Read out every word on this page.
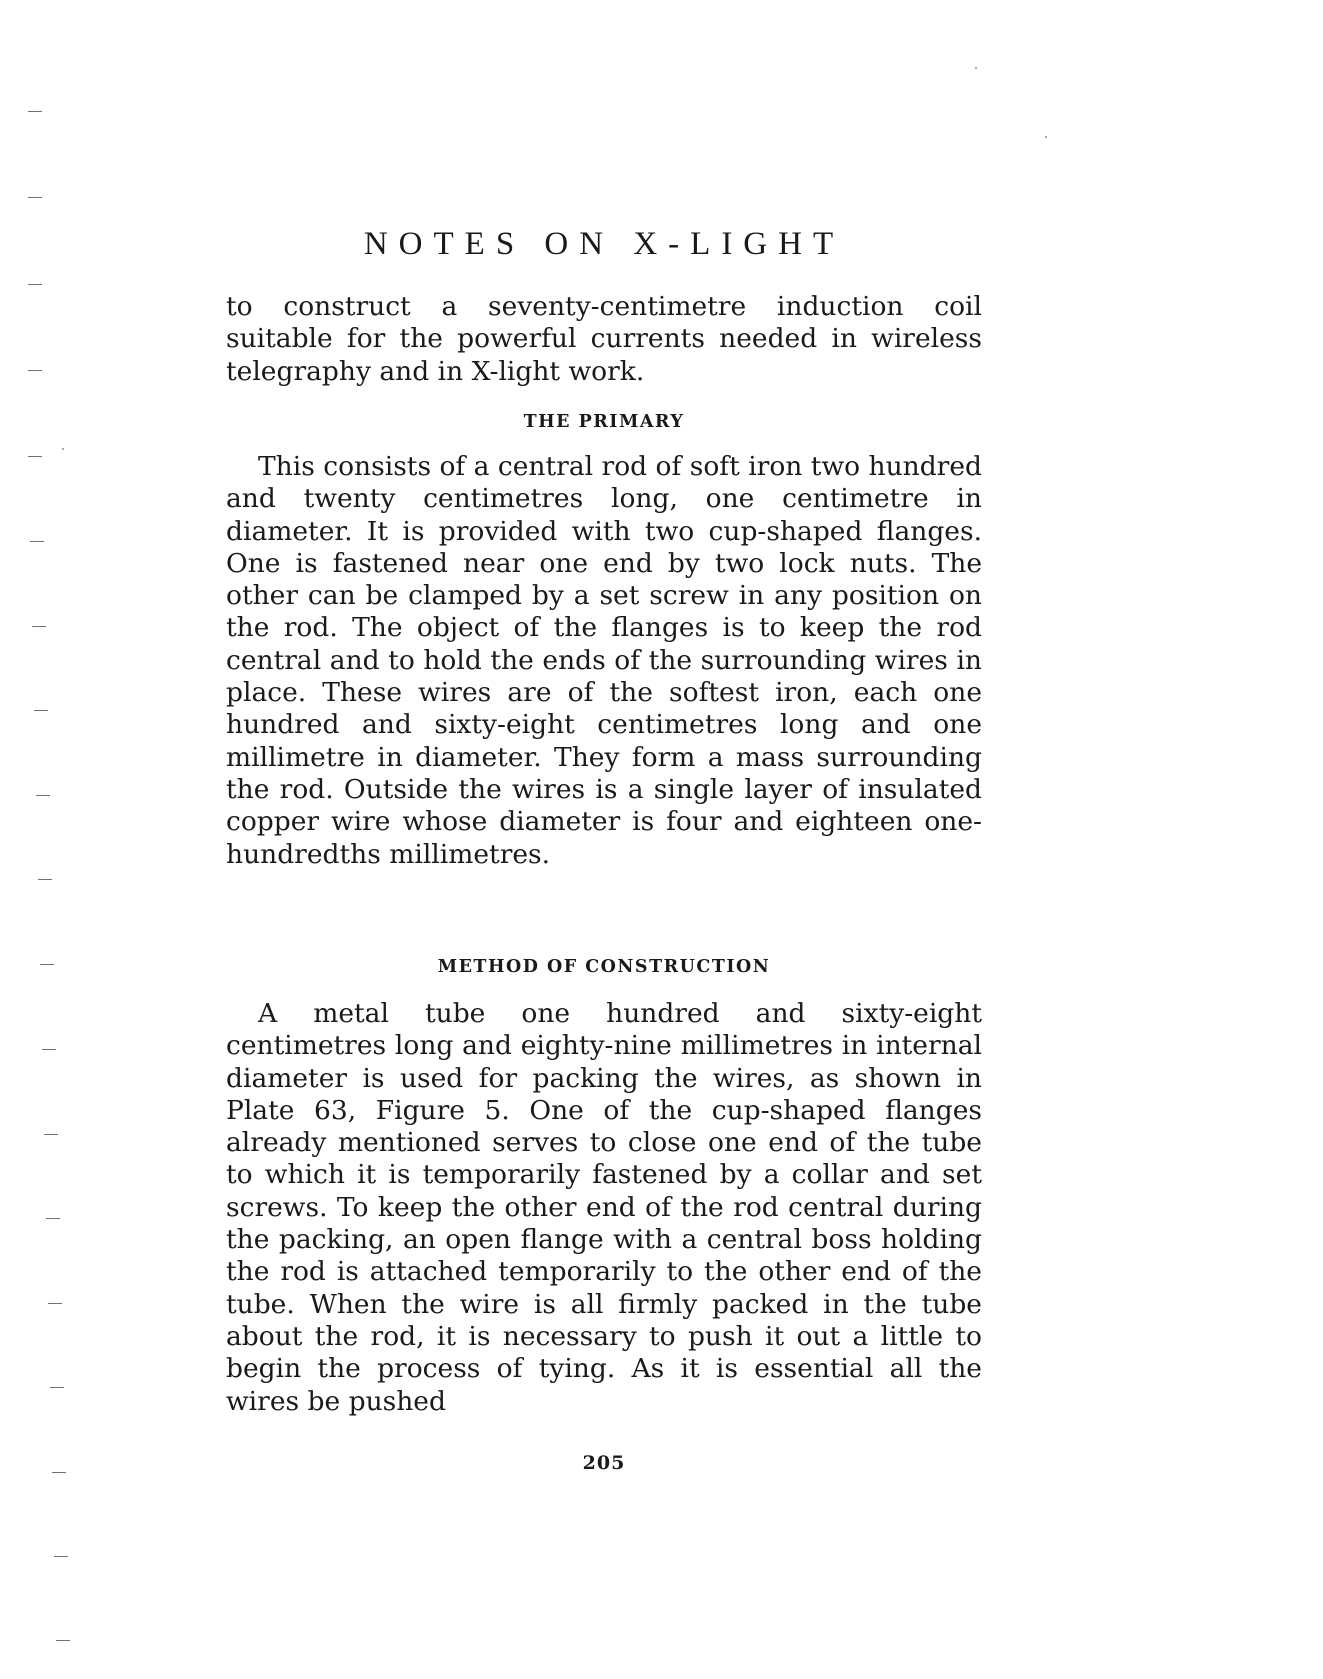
NOTES ON X-LIGHT

to construct a seventy-centimetre induction coil suitable for the powerful currents needed in wireless telegraphy and in X-light work.

THE PRIMARY

This consists of a central rod of soft iron two hundred and twenty centimetres long, one centimetre in diameter. It is provided with two cup-shaped flanges. One is fastened near one end by two lock nuts. The other can be clamped by a set screw in any position on the rod. The object of the flanges is to keep the rod central and to hold the ends of the surrounding wires in place. These wires are of the softest iron, each one hundred and sixty-eight centimetres long and one millimetre in diameter. They form a mass surrounding the rod. Outside the wires is a single layer of insulated copper wire whose diameter is four and eighteen one-hundredths millimetres.

METHOD OF CONSTRUCTION

A metal tube one hundred and sixty-eight centimetres long and eighty-nine millimetres in internal diameter is used for packing the wires, as shown in Plate 63, Figure 5. One of the cup-shaped flanges already mentioned serves to close one end of the tube to which it is temporarily fastened by a collar and set screws. To keep the other end of the rod central during the packing, an open flange with a central boss holding the rod is attached temporarily to the other end of the tube. When the wire is all firmly packed in the tube about the rod, it is necessary to push it out a little to begin the process of tying. As it is essential all the wires be pushed

205
